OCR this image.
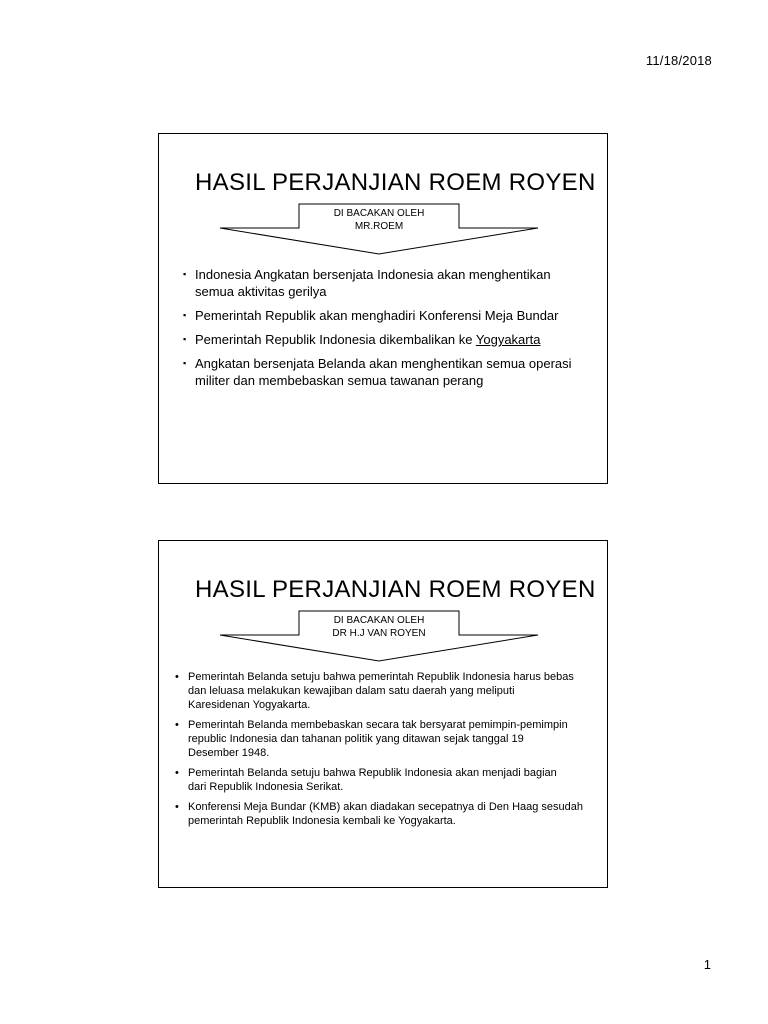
11/18/2018
HASIL PERJANJIAN ROEM ROYEN
DI BACAKAN OLEH
MR.ROEM
▪ Indonesia Angkatan bersenjata Indonesia akan menghentikan
semua aktivitas gerilya
▪ Pemerintah Republik akan menghadiri Konferensi Meja Bundar
▪ Pemerintah Republik Indonesia dikembalikan ke Yogyakarta
▪ Angkatan bersenjata Belanda akan menghentikan semua operasi
militer dan membebaskan semua tawanan perang
HASIL PERJANJIAN ROEM ROYEN
DI BACAKAN OLEH
DR H.J VAN ROYEN
• Pemerintah Belanda setuju bahwa pemerintah Republik Indonesia harus bebas
dan leluasa melakukan kewajiban dalam satu daerah yang meliputi
Karesidenan Yogyakarta.
• Pemerintah Belanda membebaskan secara tak bersyarat pemimpin-pemimpin
republic Indonesia dan tahanan politik yang ditawan sejak tanggal 19
Desember 1948.
• Pemerintah Belanda setuju bahwa Republik Indonesia akan menjadi bagian
dari Republik Indonesia Serikat.
• Konferensi Meja Bundar (KMB) akan diadakan secepatnya di Den Haag sesudah
pemerintah Republik Indonesia kembali ke Yogyakarta.
1
